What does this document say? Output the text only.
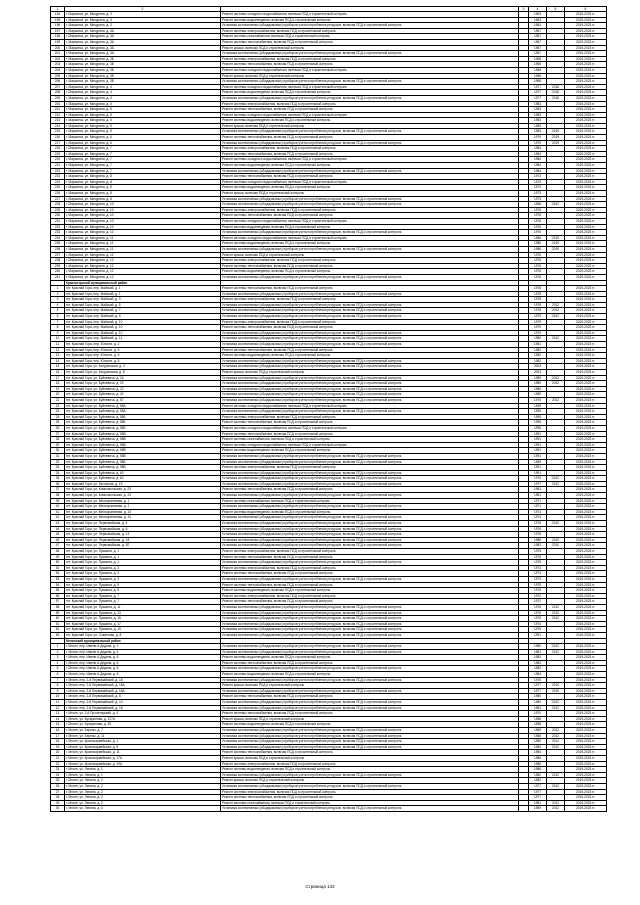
1	2		3	4	5	6
194	г. Марьинск, ул. Мичурина, д. 3	Ремонт системы холодного водоснабжения, включая ПСД и строительный контроль		1963		2019-2023 гг.
195	г. Марьинск, ул. Мичурина, д. 3	Ремонт системы водоотведения, включая ПСД и строительный контроль		1963		2019-2023 гг.
196	г. Марьинск, ул. Мичурина, д. 3	Установка коллективных (общедомовых) приборов учета потребления ресурсов, включая ПСД и строительный контроль		1963		2019-2023 гг.
197	г. Марьинск, ул. Мичурина, д. 3А	Ремонт системы электроснабжения, включая ПСД и строительный контроль		1967		2019-2023 гг.
198	г. Марьинск, ул. Мичурина, д. 3А	Ремонт системы газоснабжения, включая ПСД и строительный контроль		1967		2019-2023 гг.
199	г. Марьинск, ул. Мичурина, д. 3А	Ремонт системы теплоснабжения, включая ПСД и строительный контроль		1967		2019-2023 гг.
200	г. Марьинск, ул. Мичурина, д. 3А	Ремонт крыши, включая ПСД и строительный контроль		1967		2019-2023 гг.
201	г. Марьинск, ул. Мичурина, д. 3А	Установка коллективных (общедомовых) приборов учета потребления ресурсов, включая ПСД и строительный контроль		1967		2019-2023 гг.
202	г. Марьинск, ул. Мичурина, д. 3Б	Ремонт системы электроснабжения, включая ПСД и строительный контроль		1968		2019-2023 гг.
203	г. Марьинск, ул. Мичурина, д. 3Б	Ремонт системы теплоснабжения, включая ПСД и строительный контроль		1968		2019-2023 гг.
204	г. Марьинск, ул. Мичурина, д. 3Б	Ремонт системы холодного водоснабжения, включая ПСД и строительный контроль		1968		2019-2023 гг.
205	г. Марьинск, ул. Мичурина, д. 3Б	Ремонт крыши, включая ПСД и строительный контроль		1968		2019-2023 гг.
206	г. Марьинск, ул. Мичурина, д. 3Б	Установка коллективных (общедомовых) приборов учета потребления ресурсов, включая ПСД и строительный контроль		1968		2019-2023 гг.
207	г. Марьинск, ул. Мичурина, д. 4	Ремонт системы холодного водоснабжения, включая ПСД и строительный контроль		1977	2018	2019-2023 гг.
208	г. Марьинск, ул. Мичурина, д. 4	Ремонт системы водоотведения, включая ПСД и строительный контроль		1977	2018	2019-2023 гг.
209	г. Марьинск, ул. Мичурина, д. 4	Установка коллективных (общедомовых) приборов учета потребления ресурсов, включая ПСД и строительный контроль		1977	2018	2019-2023 гг.
210	г. Марьинск, ул. Мичурина, д. 5	Ремонт системы электроснабжения, включая ПСД и строительный контроль		1983		2019-2023 гг.
211	г. Марьинск, ул. Мичурина, д. 5	Ремонт системы теплоснабжения, включая ПСД и строительный контроль		1983		2019-2023 гг.
212	г. Марьинск, ул. Мичурина, д. 5	Ремонт системы холодного водоснабжения, включая ПСД и строительный контроль		1983		2019-2023 гг.
213	г. Марьинск, ул. Мичурина, д. 5	Ремонт системы водоотведения, включая ПСД и строительный контроль		1983		2019-2023 гг.
214	г. Марьинск, ул. Мичурина, д. 5	Ремонт крыши, включая ПСД и строительный контроль		1983		2019-2023 гг.
215	г. Марьинск, ул. Мичурина, д. 5	Установка коллективных (общедомовых) приборов учета потребления ресурсов, включая ПСД и строительный контроль		1983	2019	2019-2023 гг.
216	г. Марьинск, ул. Мичурина, д. 6	Ремонт системы теплоснабжения, включая ПСД и строительный контроль		1979	2019	2019-2023 гг.
217	г. Марьинск, ул. Мичурина, д. 6	Установка коллективных (общедомовых) приборов учета потребления ресурсов, включая ПСД и строительный контроль		1979	2019	2019-2023 гг.
218	г. Марьинск, ул. Мичурина, д. 7	Ремонт системы электроснабжения, включая ПСД и строительный контроль		1984		2019-2023 гг.
219	г. Марьинск, ул. Мичурина, д. 7	Ремонт системы теплоснабжения, включая ПСД и строительный контроль		1984		2019-2023 гг.
220	г. Марьинск, ул. Мичурина, д. 7	Ремонт системы холодного водоснабжения, включая ПСД и строительный контроль		1984		2019-2023 гг.
221	г. Марьинск, ул. Мичурина, д. 7	Ремонт системы водоотведения, включая ПСД и строительный контроль		1984		2019-2023 гг.
222	г. Марьинск, ул. Мичурина, д. 7	Установка коллективных (общедомовых) приборов учета потребления ресурсов, включая ПСД и строительный контроль		1984		2019-2023 гг.
223	г. Марьинск, ул. Мичурина, д. 8	Ремонт системы теплоснабжения, включая ПСД и строительный контроль		1973		2019-2023 гг.
224	г. Марьинск, ул. Мичурина, д. 8	Ремонт системы холодного водоснабжения, включая ПСД и строительный контроль		1973		2019-2023 гг.
225	г. Марьинск, ул. Мичурина, д. 8	Ремонт системы водоотведения, включая ПСД и строительный контроль		1973		2019-2023 гг.
226	г. Марьинск, ул. Мичурина, д. 8	Ремонт крыши, включая ПСД и строительный контроль		1973		2019-2023 гг.
227	г. Марьинск, ул. Мичурина, д. 8	Установка коллективных (общедомовых) приборов учета потребления ресурсов, включая ПСД и строительный контроль		1973		2019-2023 гг.
228	г. Марьинск, ул. Мичурина, д. 10	Установка коллективных (общедомовых) приборов учета потребления ресурсов, включая ПСД и строительный контроль		1968	2012	2019-2023 гг.
229	г. Марьинск, ул. Мичурина, д. 10	Ремонт системы электроснабжения, включая ПСД и строительный контроль		1976		2019-2023 гг.
230	г. Марьинск, ул. Мичурина, д. 10	Ремонт системы теплоснабжения, включая ПСД и строительный контроль		1976		2019-2023 гг.
231	г. Марьинск, ул. Мичурина, д. 10	Ремонт системы холодного водоснабжения, включая ПСД и строительный контроль		1976		2019-2023 гг.
232	г. Марьинск, ул. Мичурина, д. 10	Ремонт системы водоотведения, включая ПСД и строительный контроль		1976		2019-2023 гг.
233	г. Марьинск, ул. Мичурина, д. 10	Установка коллективных (общедомовых) приборов учета потребления ресурсов, включая ПСД и строительный контроль		1976		2019-2023 гг.
234	г. Марьинск, ул. Мичурина, д. 11	Ремонт системы холодного водоснабжения, включая ПСД и строительный контроль		1986	2019	2019-2023 гг.
235	г. Марьинск, ул. Мичурина, д. 11	Ремонт системы водоотведения, включая ПСД и строительный контроль		1986	2019	2019-2023 гг.
236	г. Марьинск, ул. Мичурина, д. 11	Установка коллективных (общедомовых) приборов учета потребления ресурсов, включая ПСД и строительный контроль		1986	2019	2019-2023 гг.
237	г. Марьинск, ул. Мичурина, д. 12	Ремонт крыши, включая ПСД и строительный контроль		1976		2019-2023 гг.
238	г. Марьинск, ул. Мичурина, д. 12	Ремонт системы электроснабжения, включая ПСД и строительный контроль		1976		2019-2023 гг.
239	г. Марьинск, ул. Мичурина, д. 12	Ремонт системы теплоснабжения, включая ПСД и строительный контроль		1976		2019-2023 гг.
240	г. Марьинск, ул. Мичурина, д. 12	Ремонт системы водоотведения, включая ПСД и строительный контроль		1976		2019-2023 гг.
241	г. Марьинск, ул. Мичурина, д. 12	Установка коллективных (общедомовых) приборов учета потребления ресурсов, включая ПСД и строительный контроль		1976		2019-2023 гг.
	Красногорский муниципальный район					
1	пгт. Краснай Гора, пер. Майский, д. 1	Ремонт системы теплоснабжения, включая ПСД и строительный контроль		1978		2019-2023 гг.
2	пгт. Краснай Гора, пер. Майский, д. 1	Установка коллективных (общедомовых) приборов учета потребления ресурсов, включая ПСД и строительный контроль		1978		2019-2023 гг.
3	пгт. Краснай Гора, пер. Майский, д. 3	Ремонт системы электроснабжения, включая ПСД и строительный контроль		1978		2019-2023 гг.
4	пгт. Краснай Гора, пер. Майский, д. 5	Установка коллективных (общедомовых) приборов учета потребления ресурсов, включая ПСД и строительный контроль		1978	2012	2019-2023 гг.
5	пгт. Краснай Гора, пер. Майский, д. 7	Установка коллективных (общедомовых) приборов учета потребления ресурсов, включая ПСД и строительный контроль		1978	2012	2019-2023 гг.
6	пгт. Краснай Гора, пер. Майский, д. 9	Установка коллективных (общедомовых) приборов учета потребления ресурсов, включая ПСД и строительный контроль		1979	2012	2019-2023 гг.
7	пгт. Краснай Гора, пер. Майский, д. 10	Ремонт системы электроснабжения, включая ПСД и строительный контроль		1979		2019-2023 гг.
8	пгт. Краснай Гора, пер. Майский, д. 10	Ремонт системы теплоснабжения, включая ПСД и строительный контроль		1979		2019-2023 гг.
9	пгт. Краснай Гора, пер. Майский, д. 10	Установка коллективных (общедомовых) приборов учета потребления ресурсов, включая ПСД и строительный контроль		1979		2019-2023 гг.
10	пгт. Краснай Гора, пер. Майский, д. 11	Установка коллективных (общедомовых) приборов учета потребления ресурсов, включая ПСД и строительный контроль		1980	2012	2019-2023 гг.
11	пгт. Краснай Гора, пер. Юности, д. 2	Установка коллективных (общедомовых) приборов учета потребления ресурсов, включая ПСД и строительный контроль		1981		2019-2023 гг.
12	пгт. Краснай Гора, пер. Юности, д. 5	Ремонт системы теплоснабжения, включая ПСД и строительный контроль		1982		2019-2023 гг.
13	пгт. Краснай Гора, пер. Юности, д. 6	Ремонт системы водоотведения, включая ПСД и строительный контроль		1982		2019-2023 гг.
14	пгт. Краснай Гора, пер. Юности, д. 6	Установка коллективных (общедомовых) приборов учета потребления ресурсов, включая ПСД и строительный контроль		1982		2019-2023 гг.
15	пгт. Краснай Гора, ул. Батуринская, д. 4	Установка коллективных (общедомовых) приборов учета потребления ресурсов, включая ПСД и строительный контроль		2003		2019-2023 гг.
16	пгт. Краснай Гора, ул. Батуринская, д. 8	Ремонт крыши, включая ПСД и строительный контроль		2003		2019-2023 гг.
17	пгт. Краснай Гора, ул. Буйневича, д. 16	Установка коллективных (общедомовых) приборов учета потребления ресурсов, включая ПСД и строительный контроль		1989	2012	2019-2023 гг.
18	пгт. Краснай Гора, ул. Буйневича, д. 20	Установка коллективных (общедомовых) приборов учета потребления ресурсов, включая ПСД и строительный контроль		1989	2012	2019-2023 гг.
19	пгт. Краснай Гора, ул. Буйневича, д. 22	Установка коллективных (общедомовых) приборов учета потребления ресурсов, включая ПСД и строительный контроль		1989		2019-2023 гг.
20	пгт. Краснай Гора, ул. Буйневича, д. 24	Установка коллективных (общедомовых) приборов учета потребления ресурсов, включая ПСД и строительный контроль		1989		2019-2023 гг.
21	пгт. Краснай Гора, ул. Буйневича, д. 57	Установка коллективных (общедомовых) приборов учета потребления ресурсов, включая ПСД и строительный контроль		1975	2012	2019-2023 гг.
22	пгт. Краснай Гора, ул. Буйневича, д. 58А	Ремонт системы холодного водоснабжения, включая ПСД и строительный контроль		1995		2019-2023 гг.
23	пгт. Краснай Гора, ул. Буйневича, д. 58А	Установка коллективных (общедомовых) приборов учета потребления ресурсов, включая ПСД и строительный контроль		1995		2019-2023 гг.
24	пгт. Краснай Гора, ул. Буйневича, д. 58Б	Ремонт системы электроснабжения, включая ПСД и строительный контроль		1995		2019-2023 гг.
25	пгт. Краснай Гора, ул. Буйневича, д. 58Б	Ремонт системы теплоснабжения, включая ПСД и строительный контроль		1995		2019-2023 гг.
26	пгт. Краснай Гора, ул. Буйневича, д. 58Б	Ремонт системы холодного водоснабжения, включая ПСД и строительный контроль		1995		2019-2023 гг.
27	пгт. Краснай Гора, ул. Буйневича, д. 58В	Ремонт системы теплоснабжения, включая ПСД и строительный контроль		1991		2019-2023 гг.
28	пгт. Краснай Гора, ул. Буйневича, д. 58В	Ремонт системы газоснабжения, включая ПСД и строительный контроль		1991		2019-2023 гг.
29	пгт. Краснай Гора, ул. Буйневича, д. 58В	Ремонт системы холодного водоснабжения, включая ПСД и строительный контроль		1991		2019-2023 гг.
30	пгт. Краснай Гора, ул. Буйневича, д. 58В	Ремонт системы водоотведения, включая ПСД и строительный контроль		1991		2019-2023 гг.
31	пгт. Краснай Гора, ул. Буйневича, д. 58В	Установка коллективных (общедомовых) приборов учета потребления ресурсов, включая ПСД и строительный контроль		1991		2019-2023 гг.
32	пгт. Краснай Гора, ул. Буйневича, д. 58Б	Установка коллективных (общедомовых) приборов учета потребления ресурсов, включая ПСД и строительный контроль		1995		2019-2023 гг.
33	пгт. Краснай Гора, ул. Буйневича, д. 58В	Ремонт системы электроснабжения, включая ПСД и строительный контроль		1991		2019-2023 гг.
34	пгт. Краснай Гора, ул. Буйневича, д. 60	Установка коллективных (общедомовых) приборов учета потребления ресурсов, включая ПСД и строительный контроль		1991		2019-2023 гг.
35	пгт. Краснай Гора, ул. Буйневича, д. 62	Установка коллективных (общедомовых) приборов учета потребления ресурсов, включая ПСД и строительный контроль		1975	2012	2019-2023 гг.
36	пгт. Краснай Гора, ул. Бычихина, д. 19	Установка коллективных (общедомовых) приборов учета потребления ресурсов, включая ПСД и строительный контроль		1977	2012	2019-2023 гг.
37	пгт. Краснай Гора, ул. Комсомольская, д. 23	Ремонт системы теплоснабжения, включая ПСД и строительный контроль		1981		2019-2023 гг.
38	пгт. Краснай Гора, ул. Комсомольская, д. 23	Установка коллективных (общедомовых) приборов учета потребления ресурсов, включая ПСД и строительный контроль		1981		2019-2023 гг.
39	пгт. Краснай Гора, ул. Мелиоративная, д. 1	Ремонт системы газоснабжения, включая ПСД и строительный контроль		1971		2019-2023 гг.
40	пгт. Краснай Гора, ул. Мелиоративная, д. 1	Установка коллективных (общедомовых) приборов учета потребления ресурсов, включая ПСД и строительный контроль		1971		2019-2023 гг.
41	пгт. Краснай Гора, ул. Мелиоративная, д. 10	Ремонт системы водоотведения, включая ПСД и строительный контроль		1974		2019-2023 гг.
42	пгт. Краснай Гора, ул. Мелиоративная, д. 10	Установка коллективных (общедомовых) приборов учета потребления ресурсов, включая ПСД и строительный контроль		1974		2019-2023 гг.
43	пгт. Краснай Гора, ул. Первомайская, д. 4	Установка коллективных (общедомовых) приборов учета потребления ресурсов, включая ПСД и строительный контроль		1976	2012	2019-2023 гг.
44	пгт. Краснай Гора, ул. Первомайская, д. 6	Установка коллективных (общедомовых) приборов учета потребления ресурсов, включая ПСД и строительный контроль		1976		2019-2023 гг.
45	пгт. Краснай Гора, ул. Первомайская, д. 14	Установка коллективных (общедомовых) приборов учета потребления ресурсов, включая ПСД и строительный контроль		1976		2019-2023 гг.
46	пгт. Краснай Гора, ул. Первомайская, д. 18	Установка коллективных (общедомовых) приборов учета потребления ресурсов, включая ПСД и строительный контроль		1988	2010	2019-2023 гг.
47	пгт. Краснай Гора, ул. Первомайская, д. 30	Установка коллективных (общедомовых) приборов учета потребления ресурсов, включая ПСД и строительный контроль		1982	2010	2019-2023 гг.
48	пгт. Краснай Гора, ул. Пушкина, д. 1	Ремонт системы электроснабжения, включая ПСД и строительный контроль		1975		2019-2023 гг.
49	пгт. Краснай Гора, ул. Пушкина, д. 1	Ремонт системы теплоснабжения, включая ПСД и строительный контроль		1975		2019-2023 гг.
50	пгт. Краснай Гора, ул. Пушкина, д. 1	Установка коллективных (общедомовых) приборов учета потребления ресурсов, включая ПСД и строительный контроль		1975		2019-2023 гг.
51	пгт. Краснай Гора, ул. Пушкина, д. 3	Ремонт системы электроснабжения, включая ПСД и строительный контроль		1973		2019-2023 гг.
52	пгт. Краснай Гора, ул. Пушкина, д. 3	Ремонт системы теплоснабжения, включая ПСД и строительный контроль		1973		2019-2023 гг.
53	пгт. Краснай Гора, ул. Пушкина, д. 3	Установка коллективных (общедомовых) приборов учета потребления ресурсов, включая ПСД и строительный контроль		1973		2019-2023 гг.
54	пгт. Краснай Гора, ул. Пушкина, д. 5	Ремонт системы теплоснабжения, включая ПСД и строительный контроль		1975		2019-2023 гг.
55	пгт. Краснай Гора, ул. Пушкина, д. 5	Ремонт системы водоотведения, включая ПСД и строительный контроль		1975		2019-2023 гг.
56	пгт. Краснай Гора, ул. Пушкина, д. 7	Ремонт системы электроснабжения, включая ПСД и строительный контроль		1972		2019-2023 гг.
57	пгт. Краснай Гора, ул. Пушкина, д. 7	Ремонт системы теплоснабжения, включая ПСД и строительный контроль		1972		2019-2023 гг.
58	пгт. Краснай Гора, ул. Пушкина, д. 11	Установка коллективных (общедомовых) приборов учета потребления ресурсов, включая ПСД и строительный контроль		1976	2012	2019-2023 гг.
59	пгт. Краснай Гора, ул. Пушкина, д. 13	Установка коллективных (общедомовых) приборов учета потребления ресурсов, включая ПСД и строительный контроль		1976	2012	2019-2023 гг.
60	пгт. Краснай Гора, ул. Пушкина, д. 15	Установка коллективных (общедомовых) приборов учета потребления ресурсов, включая ПСД и строительный контроль		1976	2012	2019-2023 гг.
61	пгт. Краснай Гора, ул. Пушкина, д. 17	Установка коллективных (общедомовых) приборов учета потребления ресурсов, включая ПСД и строительный контроль		1974		2019-2023 гг.
62	пгт. Краснай Гора, ул. Пушкина, д. 19	Установка коллективных (общедомовых) приборов учета потребления ресурсов, включая ПСД и строительный контроль		1975		2019-2023 гг.
63	пгт. Краснай Гора, ул. Советская, д. 8	Установка коллективных (общедомовых) приборов учета потребления ресурсов, включая ПСД и строительный контроль		1991		2019-2023 гг.
	Мглинский муниципальный район					
1	г. Мглин, пер. Имени А.Дедина, д. 2	Установка коллективных (общедомовых) приборов учета потребления ресурсов, включая ПСД и строительный контроль		1980	2012	2019-2023 гг.
2	г. Мглин, пер. Имени А.Дедина, д. 4	Установка коллективных (общедомовых) приборов учета потребления ресурсов, включая ПСД и строительный контроль		1981	2012	2019-2023 гг.
3	г. Мглин, пер. Имени А.Дедина, д. 6	Ремонт системы водоотведения, включая ПСД и строительный контроль		1982		2019-2023 гг.
4	г. Мглин, пер. Имени А.Дедина, д. 6	Ремонт системы теплоснабжения, включая ПСД и строительный контроль		1982		2019-2023 гг.
5	г. Мглин, пер. Имени А.Дедина, д. 6	Установка коллективных (общедомовых) приборов учета потребления ресурсов, включая ПСД и строительный контроль		1982		2019-2023 гг.
6	г. Мглин, пер. Имени А.Дедина, д. 8	Ремонт системы водоотведения, включая ПСД и строительный контроль		1984		2019-2023 гг.
7	г. Мглин, пер. 2-й Первомайский, д. 18	Установка коллективных (общедомовых) приборов учета потребления ресурсов, включая ПСД и строительный контроль		1975		2019-2023 гг.
8	г. Мглин, пер. 2-й Первомайский, д. 18А	Ремонт крыши, включая ПСД и строительный контроль		1977	2019	2019-2023 гг.
9	г. Мглин, пер. 2-й Первомайский, д. 18А	Установка коллективных (общедомовых) приборов учета потребления ресурсов, включая ПСД и строительный контроль		1977	2019	2019-2023 гг.
10	г. Мглин, пер. 2-й Первомайский, д. 8	Ремонт системы теплоснабжения, включая ПСД и строительный контроль		1980		2019-2023 гг.
11	г. Мглин, пер. 2-й Первомайский, д. 10	Установка коллективных (общедомовых) приборов учета потребления ресурсов, включая ПСД и строительный контроль		1980	2012	2019-2023 гг.
12	г. Мглин, пер. 2-й Первомайский, д. 16	Установка коллективных (общедомовых) приборов учета потребления ресурсов, включая ПСД и строительный контроль		1981	2012	2019-2023 гг.
13	г. Мглин, ул. 2-й Пролетарский, д. 4	Ремонт системы теплоснабжения, включая ПСД и строительный контроль		1970		2019-2023 гг.
14	г. Мглин, ул. Бухаринная, д. 127А	Ремонт крыши, включая ПСД и строительный контроль		1988		2019-2023 гг.
15	г. Мглин, ул. Бухаринная, д. 39	Ремонт системы водоотведения, включая ПСД и строительный контроль		1988		2019-2023 гг.
16	г. Мглин, ул. Березы, д. 7	Установка коллективных (общедомовых) приборов учета потребления ресурсов, включая ПСД и строительный контроль		1969	2012	2019-2023 гг.
17	г. Мглин, ул. Березы, д. 11	Установка коллективных (общедомовых) приборов учета потребления ресурсов, включая ПСД и строительный контроль		1968	2012	2019-2023 гг.
18	г. Мглин, ул. Красноармейская, д. 1	Установка коллективных (общедомовых) приборов учета потребления ресурсов, включая ПСД и строительный контроль		1980	2012	2019-2023 гг.
19	г. Мглин, ул. Красноармейская, д. 5	Установка коллективных (общедомовых) приборов учета потребления ресурсов, включая ПСД и строительный контроль		1984	2012	2019-2023 гг.
20	г. Мглин, ул. Красноармейская, д. 11	Ремонт системы теплоснабжения, включая ПСД и строительный контроль		1984		2019-2023 гг.
21	г. Мглин, ул. Красноармейская, д. 17А	Ремонт крыши, включая ПСД и строительный контроль		1986		2019-2023 гг.
22	г. Мглин, ул. Красноармейская, д. 19А	Ремонт системы электроснабжения, включая ПСД и строительный контроль		1986		2019-2023 гг.
23	г. Мглин, ул. Ленина, д. 1	Ремонт системы водоотведения, включая ПСД и строительный контроль		1986		2019-2023 гг.
24	г. Мглин, ул. Ленина, д. 1	Установка коллективных (общедомовых) приборов учета потребления ресурсов, включая ПСД и строительный контроль		1982	2012	2019-2023 гг.
25	г. Мглин, ул. Ленина, д. 2	Ремонт крыши, включая ПСД и строительный контроль		1982		2019-2023 гг.
26	г. Мглин, ул. Ленина, д. 2	Установка коллективных (общедомовых) приборов учета потребления ресурсов, включая ПСД и строительный контроль		1977	2012	2019-2023 гг.
27	г. Мглин, ул. Ленина, д. 2	Ремонт системы электроснабжения, включая ПСД и строительный контроль		1977		2019-2023 гг.
28	г. Мглин, ул. Ленина, д. 2	Ремонт системы теплоснабжения, включая ПСД и строительный контроль		1977		2019-2023 гг.
29	г. Мглин, ул. Ленина, д. 2	Ремонт системы газоснабжения, включая ПСД и строительный контроль		1981	2012	2019-2023 гг.
30	г. Мглин, ул. Ленина, д. 4	Установка коллективных (общедомовых) приборов учета потребления ресурсов, включая ПСД и строительный контроль		1959	2012	2019-2023 гг.
Страница 142
